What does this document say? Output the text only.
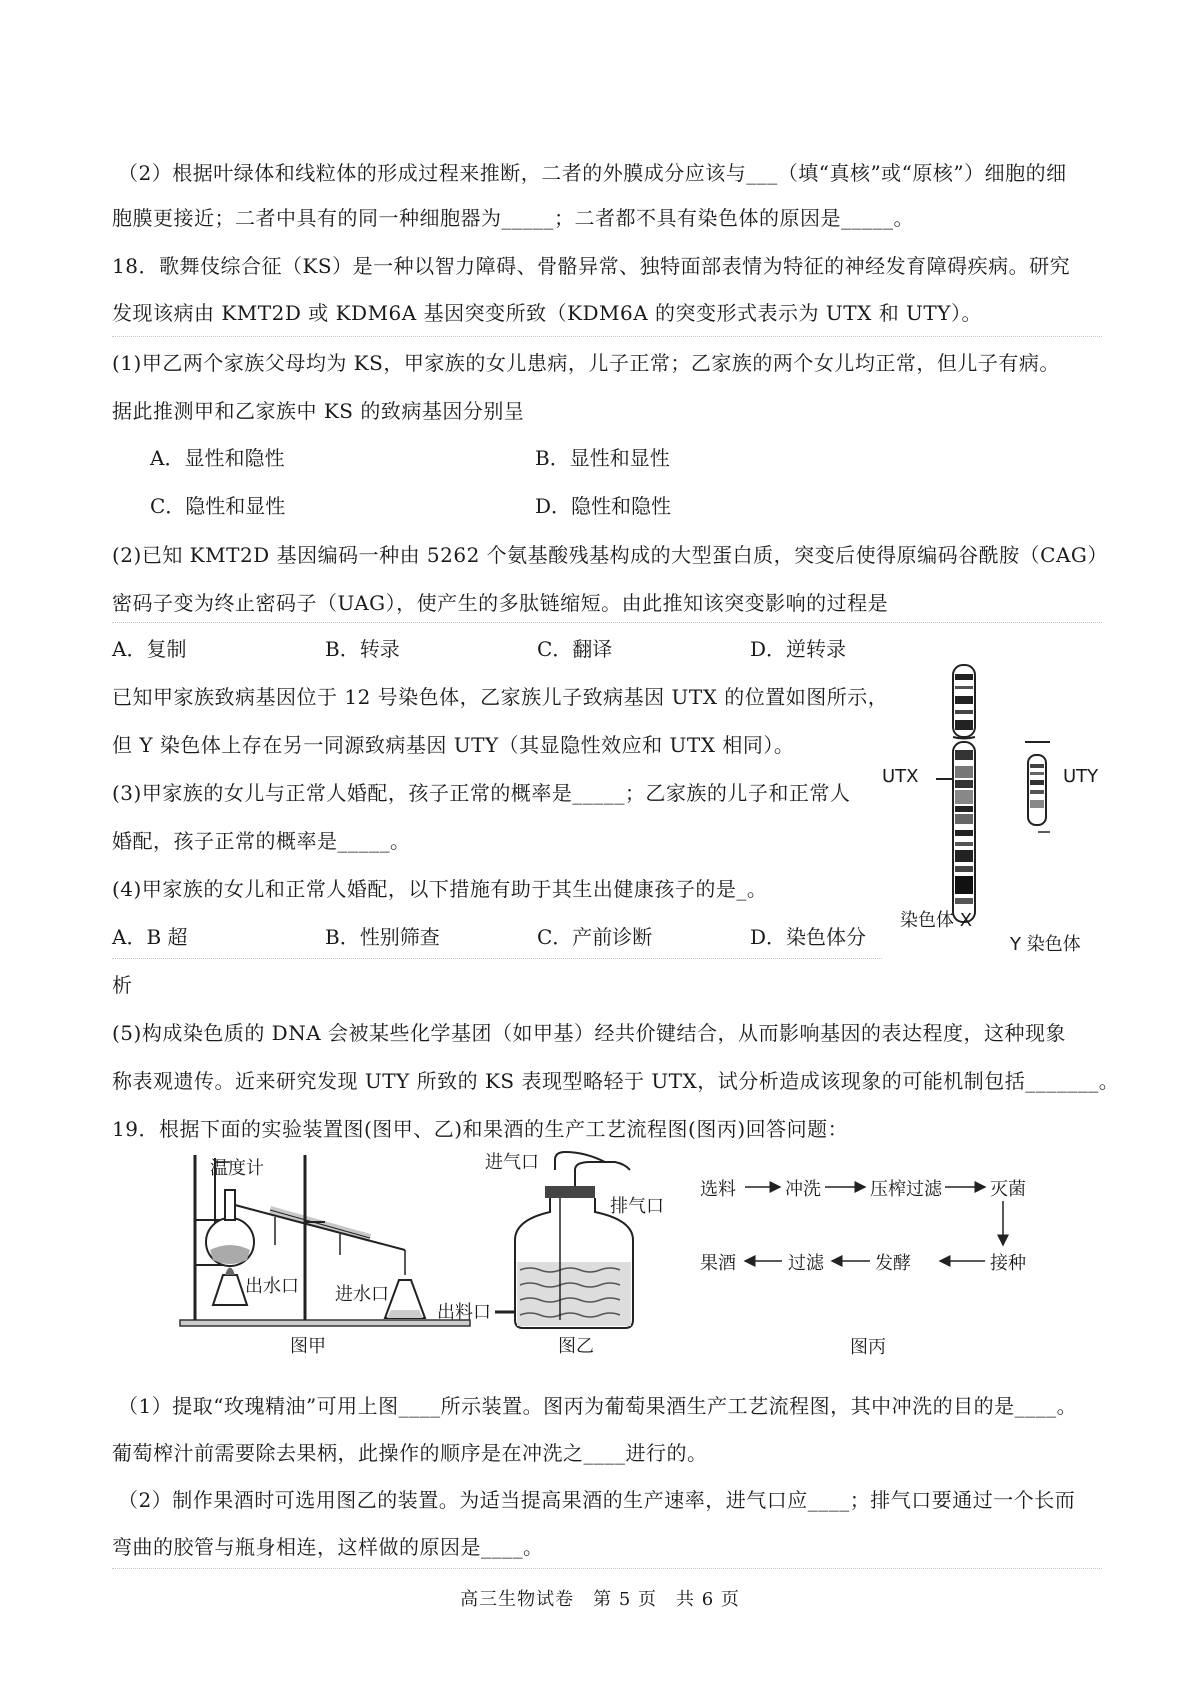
（2）根据叶绿体和线粒体的形成过程来推断，二者的外膜成分应该与___（填“真核”或“原核”）细胞的细
胞膜更接近；二者中具有的同一种细胞器为_____；二者都不具有染色体的原因是_____。
18．歌舞伎综合征（KS）是一种以智力障碍、骨骼异常、独特面部表情为特征的神经发育障碍疾病。研究
发现该病由 KMT2D 或 KDM6A 基因突变所致（KDM6A 的突变形式表示为 UTX 和 UTY）。
(1)甲乙两个家族父母均为 KS，甲家族的女儿患病，儿子正常；乙家族的两个女儿均正常，但儿子有病。
据此推测甲和乙家族中 KS 的致病基因分别呈
A．显性和隐性	B．显性和显性
C．隐性和显性	D．隐性和隐性
(2)已知 KMT2D 基因编码一种由 5262 个氨基酸残基构成的大型蛋白质，突变后使得原编码谷酰胺（CAG）
密码子变为终止密码子（UAG），使产生的多肽链缩短。由此推知该突变影响的过程是
A．复制	B．转录	C．翻译	D．逆转录
已知甲家族致病基因位于 12 号染色体，乙家族儿子致病基因 UTX 的位置如图所示，
但 Y 染色体上存在另一同源致病基因 UTY（其显隐性效应和 UTX 相同）。
(3)甲家族的女儿与正常人婚配，孩子正常的概率是_____；乙家族的儿子和正常人
婚配，孩子正常的概率是_____。
(4)甲家族的女儿和正常人婚配，以下措施有助于其生出健康孩子的是_。
A．B 超	B．性别筛查	C．产前诊断	D．染色体分
析
UTX	UTY
染色体 X
Y 染色体
(5)构成染色质的 DNA 会被某些化学基团（如甲基）经共价键结合，从而影响基因的表达程度，这种现象
称表观遗传。近来研究发现 UTY 所致的 KS 表现型略轻于 UTX，试分析造成该现象的可能机制包括_______。
19．根据下面的实验装置图(图甲、乙)和果酒的生产工艺流程图(图丙)回答问题：
温度计
出水口 进水口
图甲
进气口
排气口
出料口
图乙
选料	冲洗	压榨过滤	灭菌
果酒	过滤	发酵	接种
图丙
（1）提取“玫瑰精油”可用上图____所示装置。图丙为葡萄果酒生产工艺流程图，其中冲洗的目的是____。
葡萄榨汁前需要除去果柄，此操作的顺序是在冲洗之____进行的。
（2）制作果酒时可选用图乙的装置。为适当提高果酒的生产速率，进气口应____；排气口要通过一个长而
弯曲的胶管与瓶身相连，这样做的原因是____。
高三生物试卷　第 5 页　共 6 页
